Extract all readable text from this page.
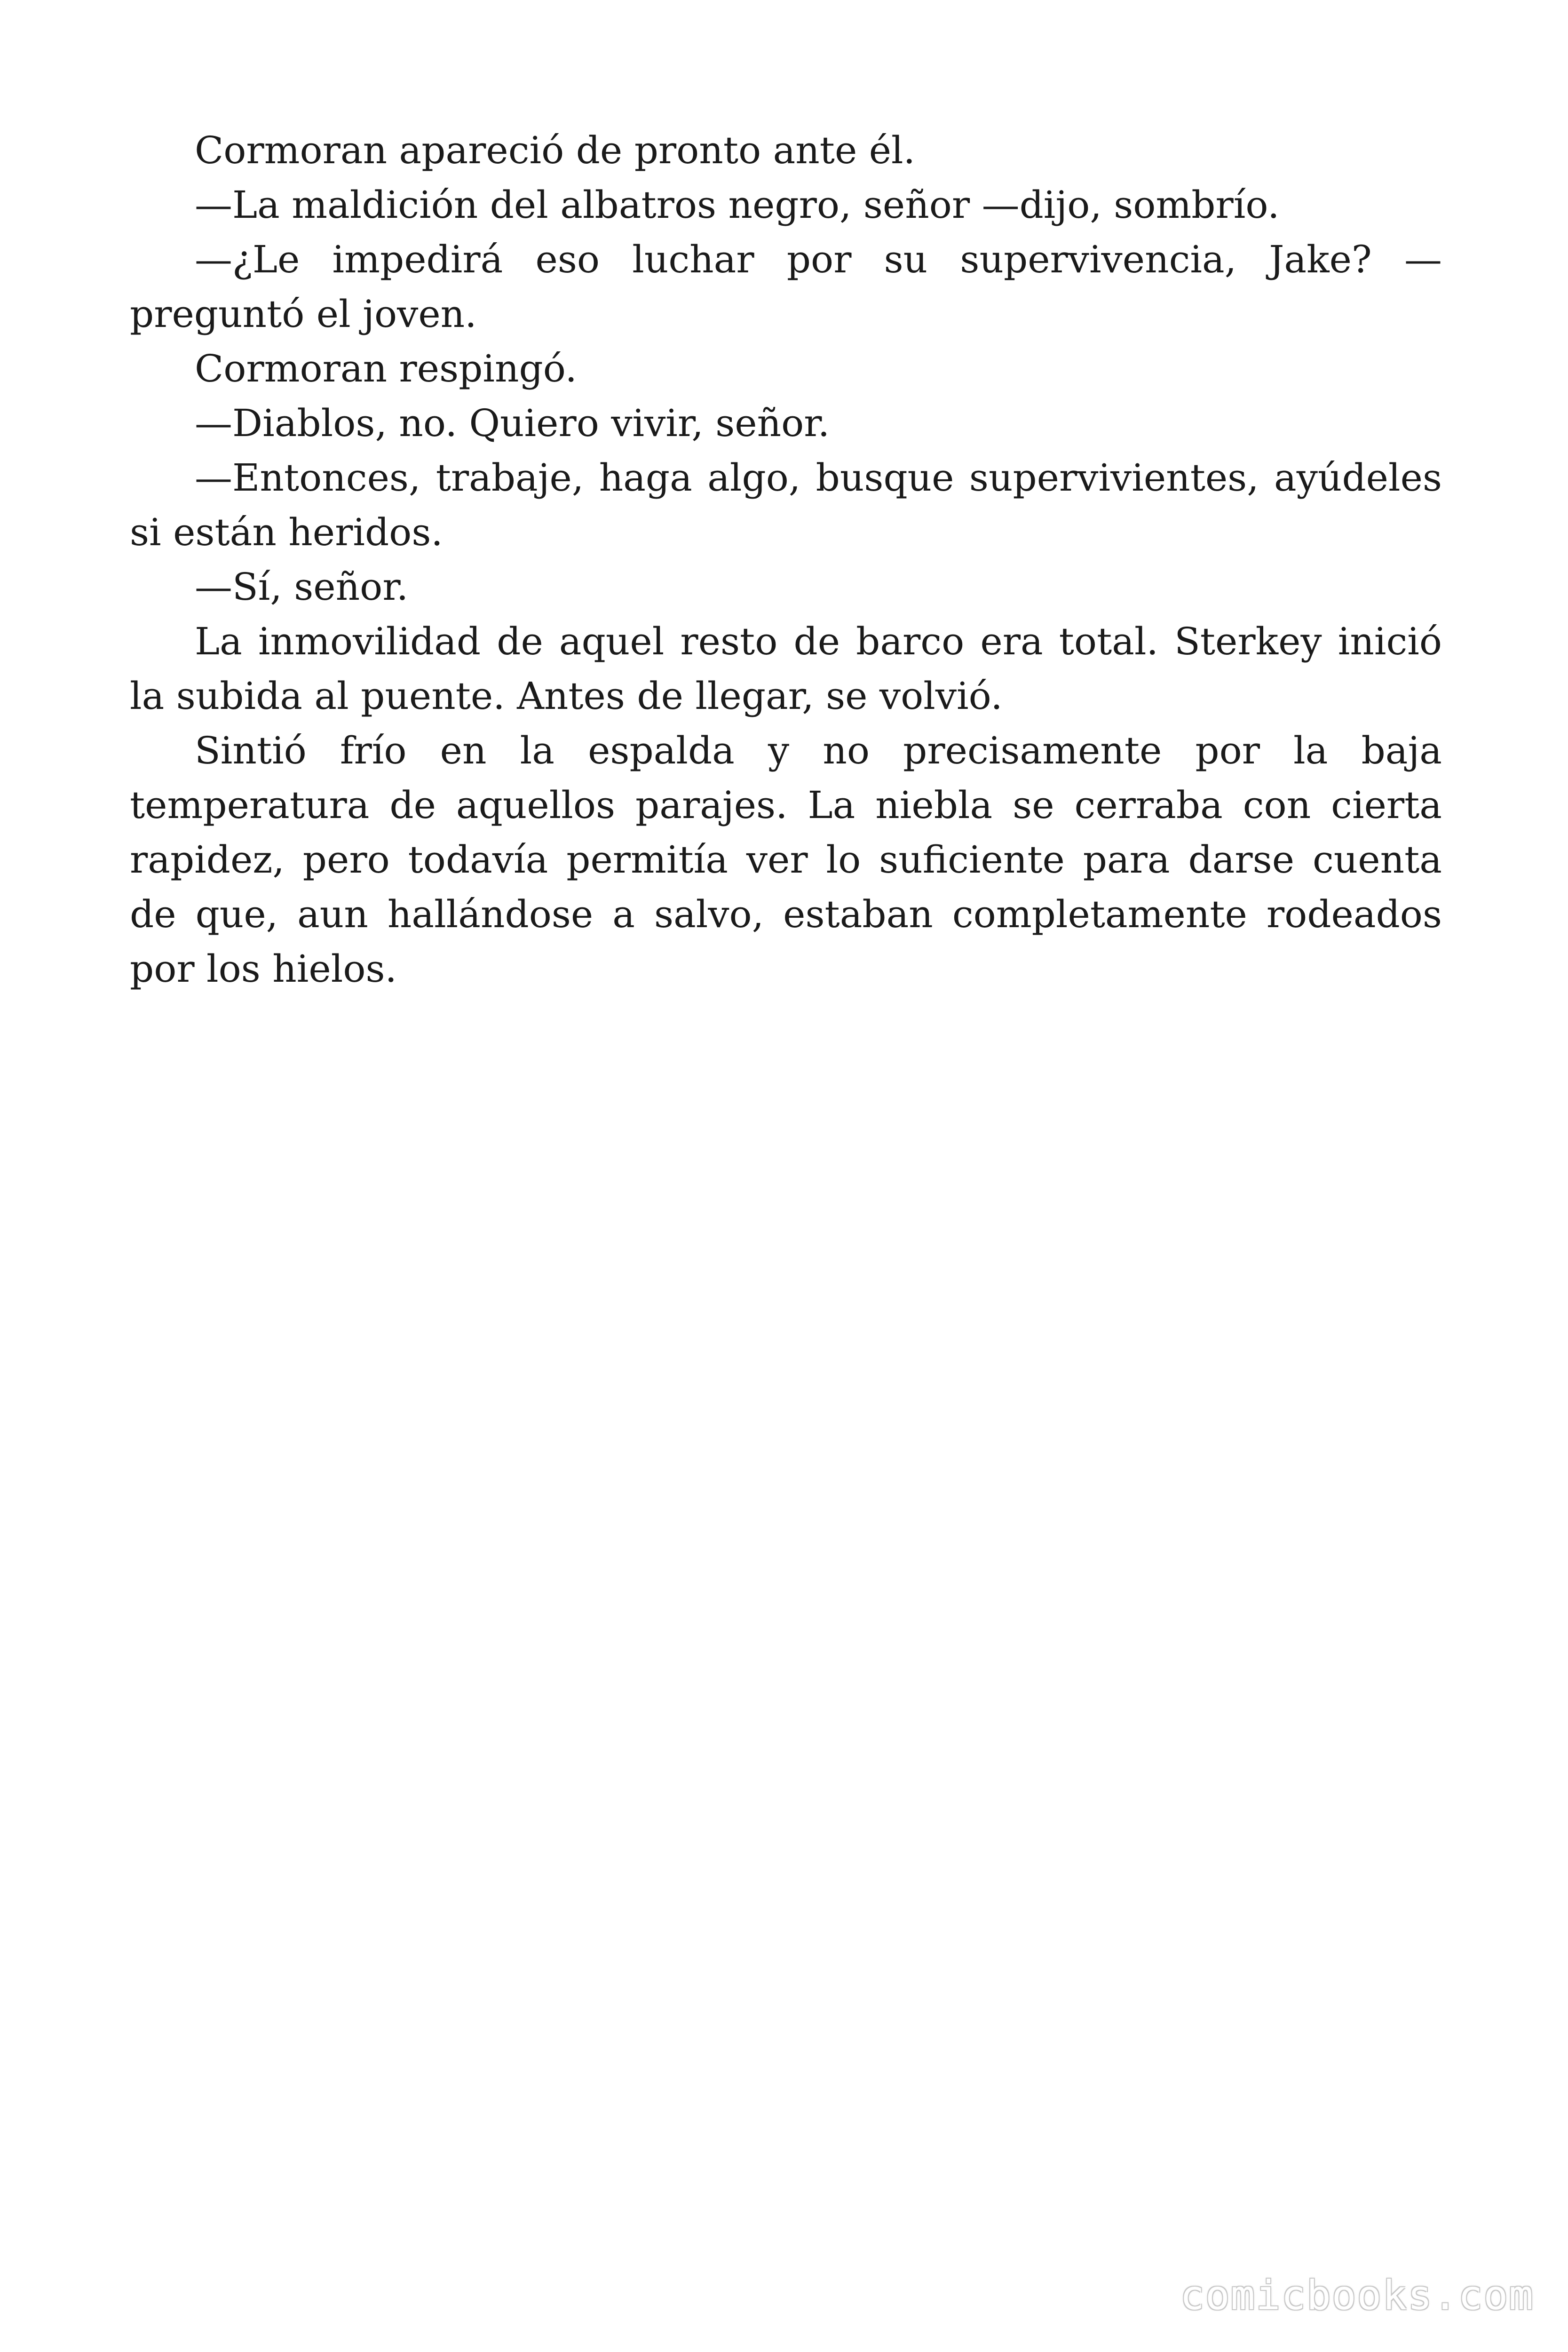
Cormoran apareció de pronto ante él.

—La maldición del albatros negro, señor —dijo, sombrío.

—¿Le impedirá eso luchar por su supervivencia, Jake? —preguntó el joven.

Cormoran respingó.

—Diablos, no. Quiero vivir, señor.

—Entonces, trabaje, haga algo, busque supervivientes, ayúdeles si están heridos.

—Sí, señor.

La inmovilidad de aquel resto de barco era total. Sterkey inició la subida al puente. Antes de llegar, se volvió.

Sintió frío en la espalda y no precisamente por la baja temperatura de aquellos parajes. La niebla se cerraba con cierta rapidez, pero todavía permitía ver lo suficiente para darse cuenta de que, aun hallándose a salvo, estaban completamente rodeados por los hielos.

comicbooks.com
